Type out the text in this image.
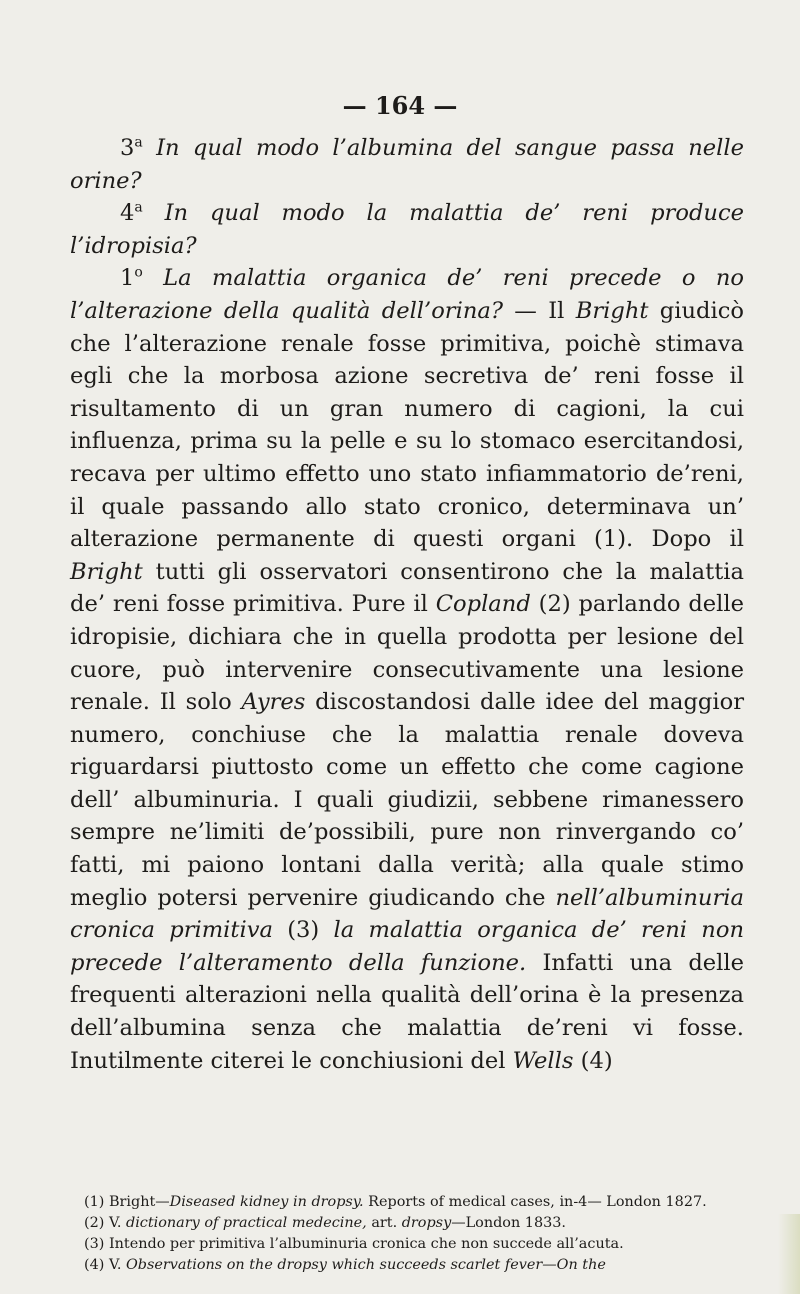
— 164 —

3$^a$ In qual modo l’albumina del sangue passa nelle orine?

4$^a$ In qual modo la malattia de’ reni produce l’idropisia?

1$^o$ La malattia organica de’ reni precede o no l’alterazione della qualità dell’orina? — Il Bright giudicò che l’alterazione renale fosse primitiva, poichè stimava egli che la morbosa azione secretiva de’ reni fosse il risultamento di un gran numero di cagioni, la cui influenza, prima su la pelle e su lo stomaco esercitandosi, recava per ultimo effetto uno stato infiammatorio de’reni, il quale passando allo stato cronico, determinava un’ alterazione permanente di questi organi (1). Dopo il Bright tutti gli osservatori consentirono che la malattia de’ reni fosse primitiva. Pure il Copland (2) parlando delle idropisie, dichiara che in quella prodotta per lesione del cuore, può intervenire consecutivamente una lesione renale. Il solo Ayres discostandosi dalle idee del maggior numero, conchiuse che la malattia renale doveva riguardarsi piuttosto come un effetto che come cagione dell’ albuminuria. I quali giudizii, sebbene rimanessero sempre ne’limiti de’possibili, pure non rinvergando co’ fatti, mi paiono lontani dalla verità; alla quale stimo meglio potersi pervenire giudicando che nell’albuminuria cronica primitiva (3) la malattia organica de’ reni non precede l’alteramento della funzione. Infatti una delle frequenti alterazioni nella qualità dell’orina è la presenza dell’albumina senza che malattia de’reni vi fosse. Inutilmente citerei le conchiusioni del Wells (4)

(1) Bright—Diseased kidney in dropsy. Reports of medical cases, in-4— London 1827.

(2) V. dictionary of practical medecine, art. dropsy—London 1833.

(3) Intendo per primitiva l’albuminuria cronica che non succede all’acuta.

(4) V. Observations on the dropsy which succeeds scarlet fever—On the
